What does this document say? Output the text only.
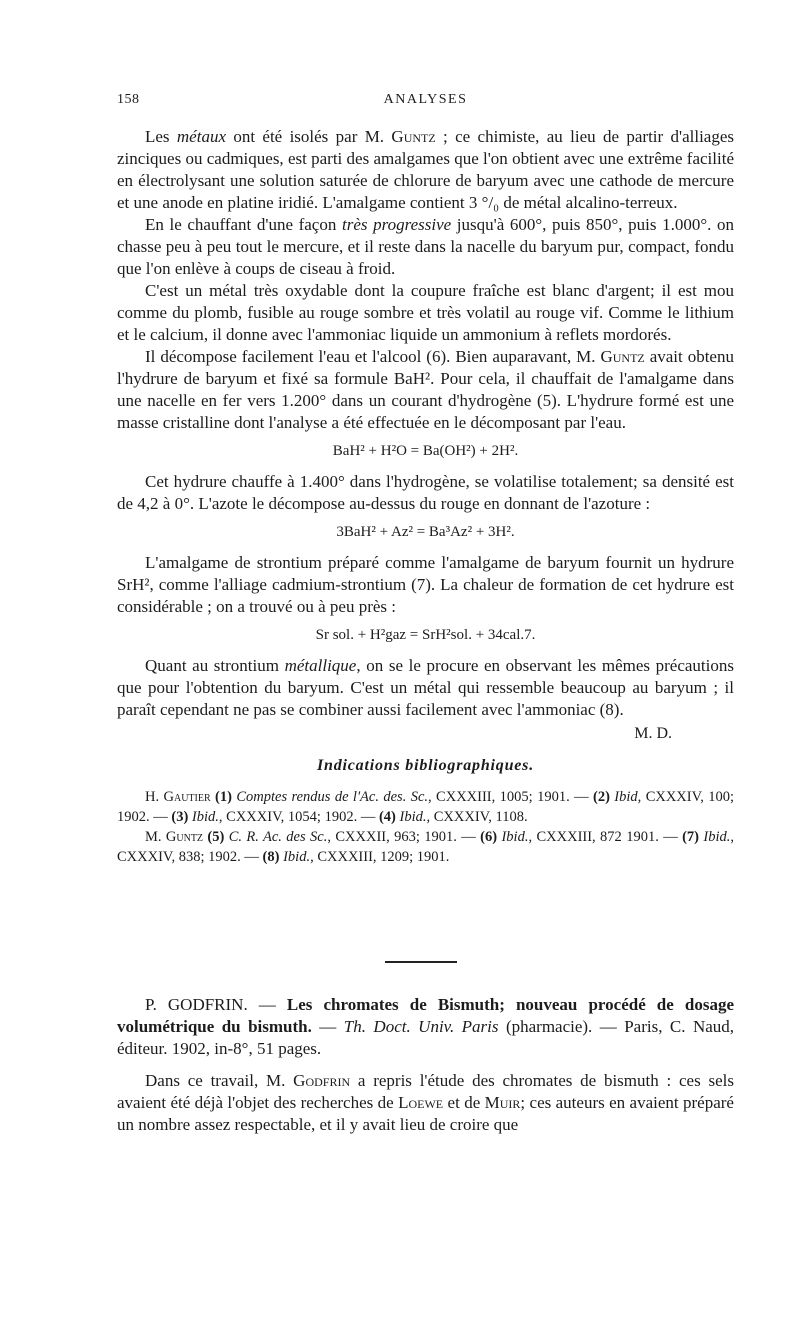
158	ANALYSES

Les métaux ont été isolés par M. Guntz ; ce chimiste, au lieu de partir d'alliages zinciques ou cadmiques, est parti des amalgames que l'on obtient avec une extrême facilité en électrolysant une solution saturée de chlorure de baryum avec une cathode de mercure et une anode en platine iridié. L'amalgame contient 3 °/₀ de métal alcalino-terreux.

En le chauffant d'une façon très progressive jusqu'à 600°, puis 850°, puis 1.000°. on chasse peu à peu tout le mercure, et il reste dans la nacelle du baryum pur, compact, fondu que l'on enlève à coups de ciseau à froid.

C'est un métal très oxydable dont la coupure fraîche est blanc d'argent; il est mou comme du plomb, fusible au rouge sombre et très volatil au rouge vif. Comme le lithium et le calcium, il donne avec l'ammoniac liquide un ammonium à reflets mordorés.

Il décompose facilement l'eau et l'alcool (6). Bien auparavant, M. Guntz avait obtenu l'hydrure de baryum et fixé sa formule BaH². Pour cela, il chauffait de l'amalgame dans une nacelle en fer vers 1.200° dans un courant d'hydrogène (5). L'hydrure formé est une masse cristalline dont l'analyse a été effectuée en le décomposant par l'eau.

BaH² + H²O = Ba(OH²) + 2H².

Cet hydrure chauffe à 1.400° dans l'hydrogène, se volatilise totalement; sa densité est de 4,2 à 0°. L'azote le décompose au-dessus du rouge en donnant de l'azoture :

3BaH² + Az² = Ba³Az² + 3H².

L'amalgame de strontium préparé comme l'amalgame de baryum fournit un hydrure SrH², comme l'alliage cadmium-strontium (7). La chaleur de formation de cet hydrure est considérable ; on a trouvé ou à peu près :

Sr sol. + H²gaz = SrH²sol. + 34cal.7.

Quant au strontium métallique, on se le procure en observant les mêmes précautions que pour l'obtention du baryum. C'est un métal qui ressemble beaucoup au baryum ; il paraît cependant ne pas se combiner aussi facilement avec l'ammoniac (8).

M. D.
Indications bibliographiques.

H. Gautier (1) Comptes rendus de l'Ac. des. Sc., CXXXIII, 1005; 1901. — (2) Ibid, CXXXIV, 100; 1902. — (3) Ibid., CXXXIV, 1054; 1902. — (4) Ibid., CXXXIV, 1108.

M. Guntz (5) C. R. Ac. des Sc., CXXXII, 963; 1901. — (6) Ibid., CXXXIII, 872 1901. — (7) Ibid., CXXXIV, 838; 1902. — (8) Ibid., CXXXIII, 1209; 1901.

P. GODFRIN. — Les chromates de Bismuth; nouveau procédé de dosage volumétrique du bismuth. — Th. Doct. Univ. Paris (pharmacie). — Paris, C. Naud, éditeur. 1902, in-8°, 51 pages.

Dans ce travail, M. Godfrin a repris l'étude des chromates de bismuth : ces sels avaient été déjà l'objet des recherches de Loewe et de Muir; ces auteurs en avaient préparé un nombre assez respectable, et il y avait lieu de croire que
